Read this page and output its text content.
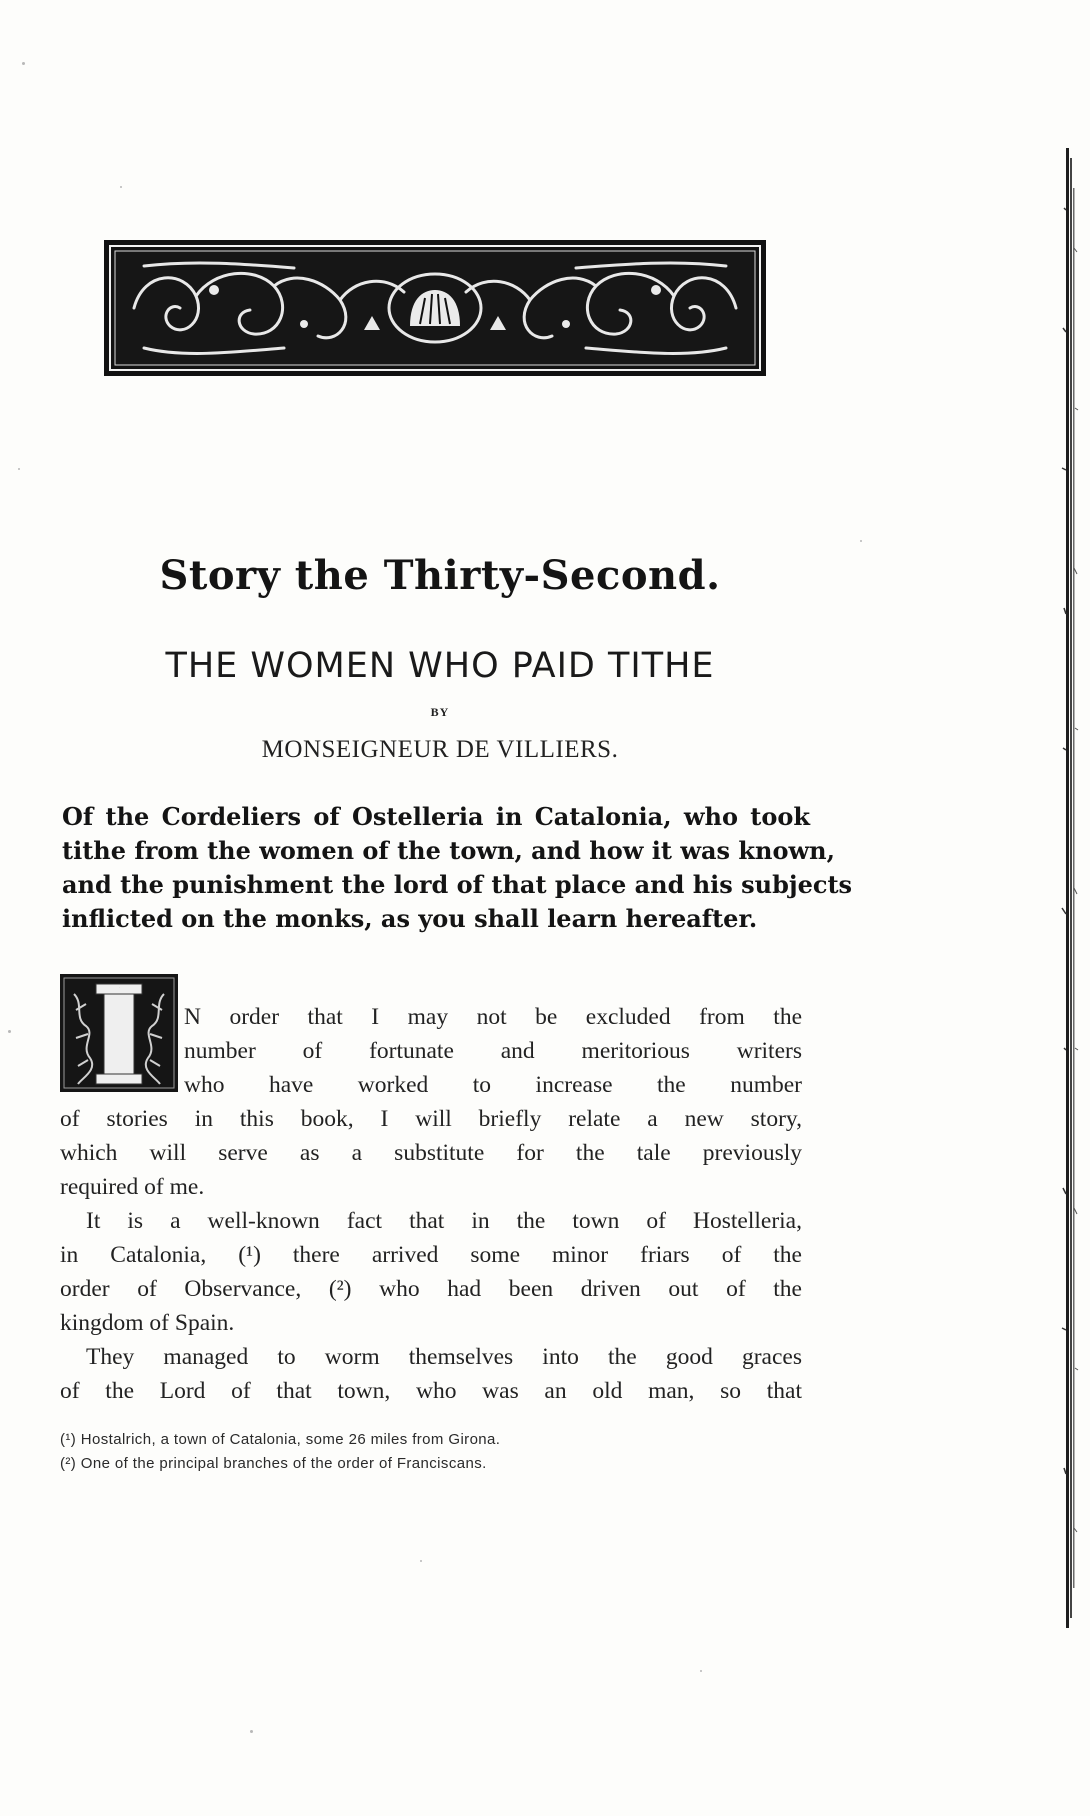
Story the Thirty-Second.
THE WOMEN WHO PAID TITHE
BY
MONSEIGNEUR DE VILLIERS.
Of the Cordeliers of Ostelleria in Catalonia, who took
tithe from the women of the town, and how it was known,
and the punishment the lord of that place and his subjects
inflicted on the monks, as you shall learn hereafter.
I
N order that I may not be excluded from the
number of fortunate and meritorious writers
who have worked to increase the number
of stories in this book, I will briefly relate a new story,
which will serve as a substitute for the tale previously
required of me.
It is a well-known fact that in the town of Hostelleria,
in Catalonia, (¹) there arrived some minor friars of the
order of Observance, (²) who had been driven out of the
kingdom of Spain.
They managed to worm themselves into the good graces
of the Lord of that town, who was an old man, so that
(¹) Hostalrich, a town of Catalonia, some 26 miles from Girona.
(²) One of the principal branches of the order of Franciscans.
